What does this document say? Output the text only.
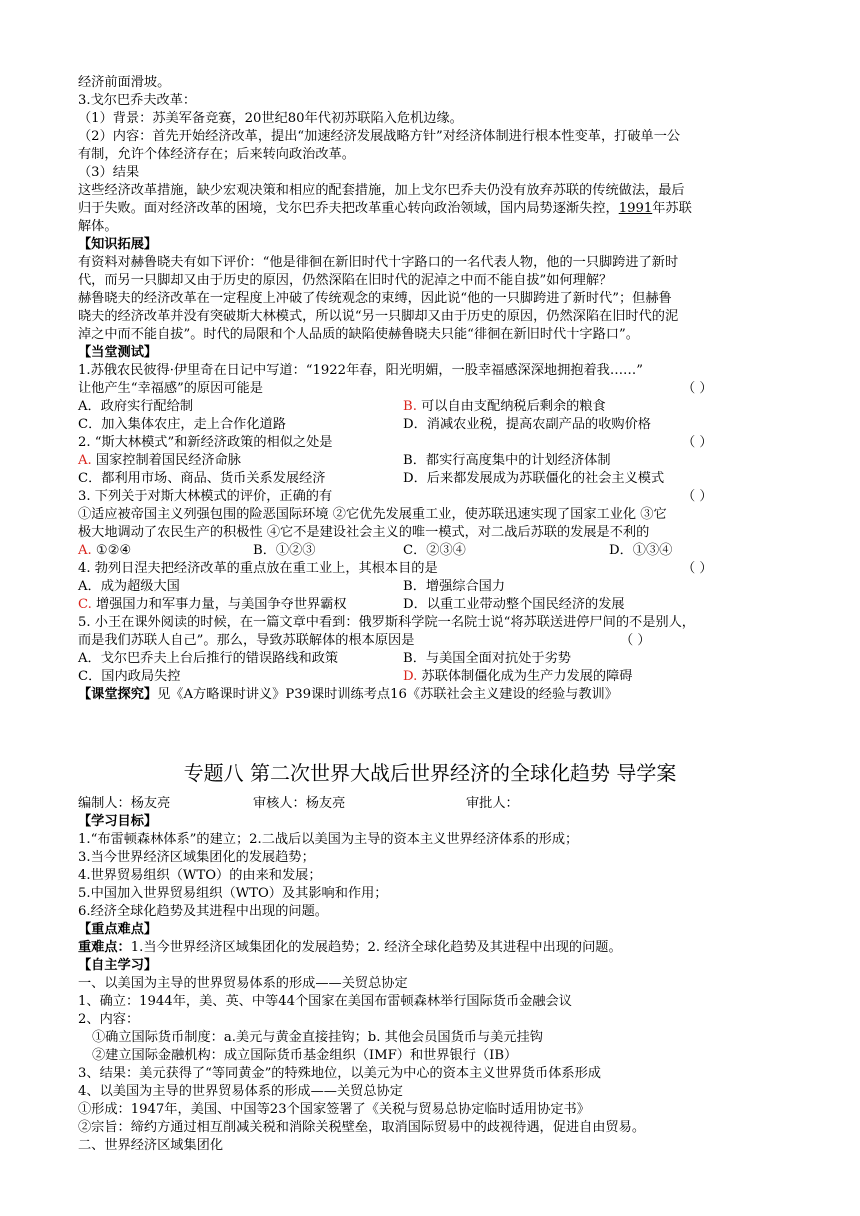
经济前面滑坡。
3.戈尔巴乔夫改革：
（1）背景：苏美军备竞赛，20世纪80年代初苏联陷入危机边缘。
（2）内容：首先开始经济改革，提出“加速经济发展战略方针”对经济体制进行根本性变革，打破单一公
有制，允许个体经济存在；后来转向政治改革。
（3）结果
这些经济改革措施，缺少宏观决策和相应的配套措施，加上戈尔巴乔夫仍没有放弃苏联的传统做法，最后
归于失败。面对经济改革的困境，戈尔巴乔夫把改革重心转向政治领域，国内局势逐渐失控，1991年苏联
解体。
【知识拓展】
有资料对赫鲁晓夫有如下评价：“他是徘徊在新旧时代十字路口的一名代表人物，他的一只脚跨进了新时
代，而另一只脚却又由于历史的原因，仍然深陷在旧时代的泥淖之中而不能自拔”如何理解？
赫鲁晓夫的经济改革在一定程度上冲破了传统观念的束缚，因此说“他的一只脚跨进了新时代”；但赫鲁
晓夫的经济改革并没有突破斯大林模式，所以说“另一只脚却又由于历史的原因，仍然深陷在旧时代的泥
淖之中而不能自拔”。时代的局限和个人品质的缺陷使赫鲁晓夫只能“徘徊在新旧时代十字路口”。
【当堂测试】
1.苏俄农民彼得·伊里奇在日记中写道：“1922年春，阳光明媚，一股幸福感深深地拥抱着我……”
让他产生“幸福感”的原因可能是	（ ）
A．政府实行配给制	B. 可以自由支配纳税后剩余的粮食
C．加入集体农庄，走上合作化道路	D．消减农业税，提高农副产品的收购价格
2. “斯大林模式”和新经济政策的相似之处是	（ ）
A. 国家控制着国民经济命脉	B．都实行高度集中的计划经济体制
C．都利用市场、商品、货币关系发展经济	D．后来都发展成为苏联僵化的社会主义模式
3. 下列关于对斯大林模式的评价，正确的有	（ ）
①适应被帝国主义列强包围的险恶国际环境 ②它优先发展重工业，使苏联迅速实现了国家工业化 ③它
极大地调动了农民生产的积极性 ④它不是建设社会主义的唯一模式，对二战后苏联的发展是不利的
A. ①②④	B．①②③	C．②③④	D．①③④
4. 勃列日涅夫把经济改革的重点放在重工业上，其根本目的是	（ ）
A．成为超级大国	B．增强综合国力
C. 增强国力和军事力量，与美国争夺世界霸权	D．以重工业带动整个国民经济的发展
5. 小王在课外阅读的时候，在一篇文章中看到：俄罗斯科学院一名院士说“将苏联送进停尸间的不是别人，
而是我们苏联人自己”。那么，导致苏联解体的根本原因是	（ ）
A．戈尔巴乔夫上台后推行的错误路线和政策	B．与美国全面对抗处于劣势
C．国内政局失控	D. 苏联体制僵化成为生产力发展的障碍
【课堂探究】见《A方略课时讲义》P39课时训练考点16《苏联社会主义建设的经验与教训》
专题八 第二次世界大战后世界经济的全球化趋势 导学案
编制人：杨友亮	审核人：杨友亮	审批人：
【学习目标】
1.“布雷顿森林体系”的建立；2.二战后以美国为主导的资本主义世界经济体系的形成；
3.当今世界经济区域集团化的发展趋势；
4.世界贸易组织（WTO）的由来和发展；
5.中国加入世界贸易组织（WTO）及其影响和作用；
6.经济全球化趋势及其进程中出现的问题。
【重点难点】
重难点：1.当今世界经济区域集团化的发展趋势；2. 经济全球化趋势及其进程中出现的问题。
【自主学习】
一、以美国为主导的世界贸易体系的形成——关贸总协定
1、确立：1944年，美、英、中等44个国家在美国布雷顿森林举行国际货币金融会议
2、内容：
①确立国际货币制度：a.美元与黄金直接挂钩；b. 其他会员国货币与美元挂钩
②建立国际金融机构：成立国际货币基金组织（IMF）和世界银行（IB）
3、结果：美元获得了“等同黄金”的特殊地位，以美元为中心的资本主义世界货币体系形成
4、以美国为主导的世界贸易体系的形成——关贸总协定
①形成：1947年，美国、中国等23个国家签署了《关税与贸易总协定临时适用协定书》
②宗旨：缔约方通过相互削减关税和消除关税壁垒，取消国际贸易中的歧视待遇，促进自由贸易。
二、世界经济区域集团化
